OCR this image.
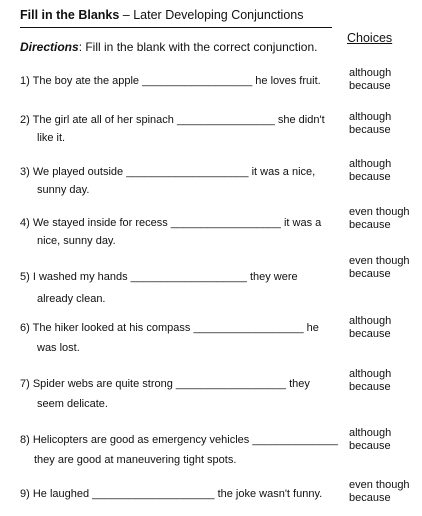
Fill in the Blanks – Later Developing Conjunctions
Choices
Directions: Fill in the blank with the correct conjunction.
1) The boy ate the apple __________________ he loves fruit.
although
because
2) The girl ate all of her spinach ________________ she didn't
like it.
although
because
3) We played outside ____________________ it was a nice,
sunny day.
although
because
4) We stayed inside for recess __________________ it was a
nice, sunny day.
even though
because
5) I washed my hands ___________________ they were
already clean.
even though
because
6) The hiker looked at his compass __________________ he
was lost.
although
because
7) Spider webs are quite strong __________________ they
seem delicate.
although
because
8) Helicopters are good as emergency vehicles ______________
they are good at maneuvering tight spots.
although
because
9) He laughed ____________________ the joke wasn't funny.
even though
because
